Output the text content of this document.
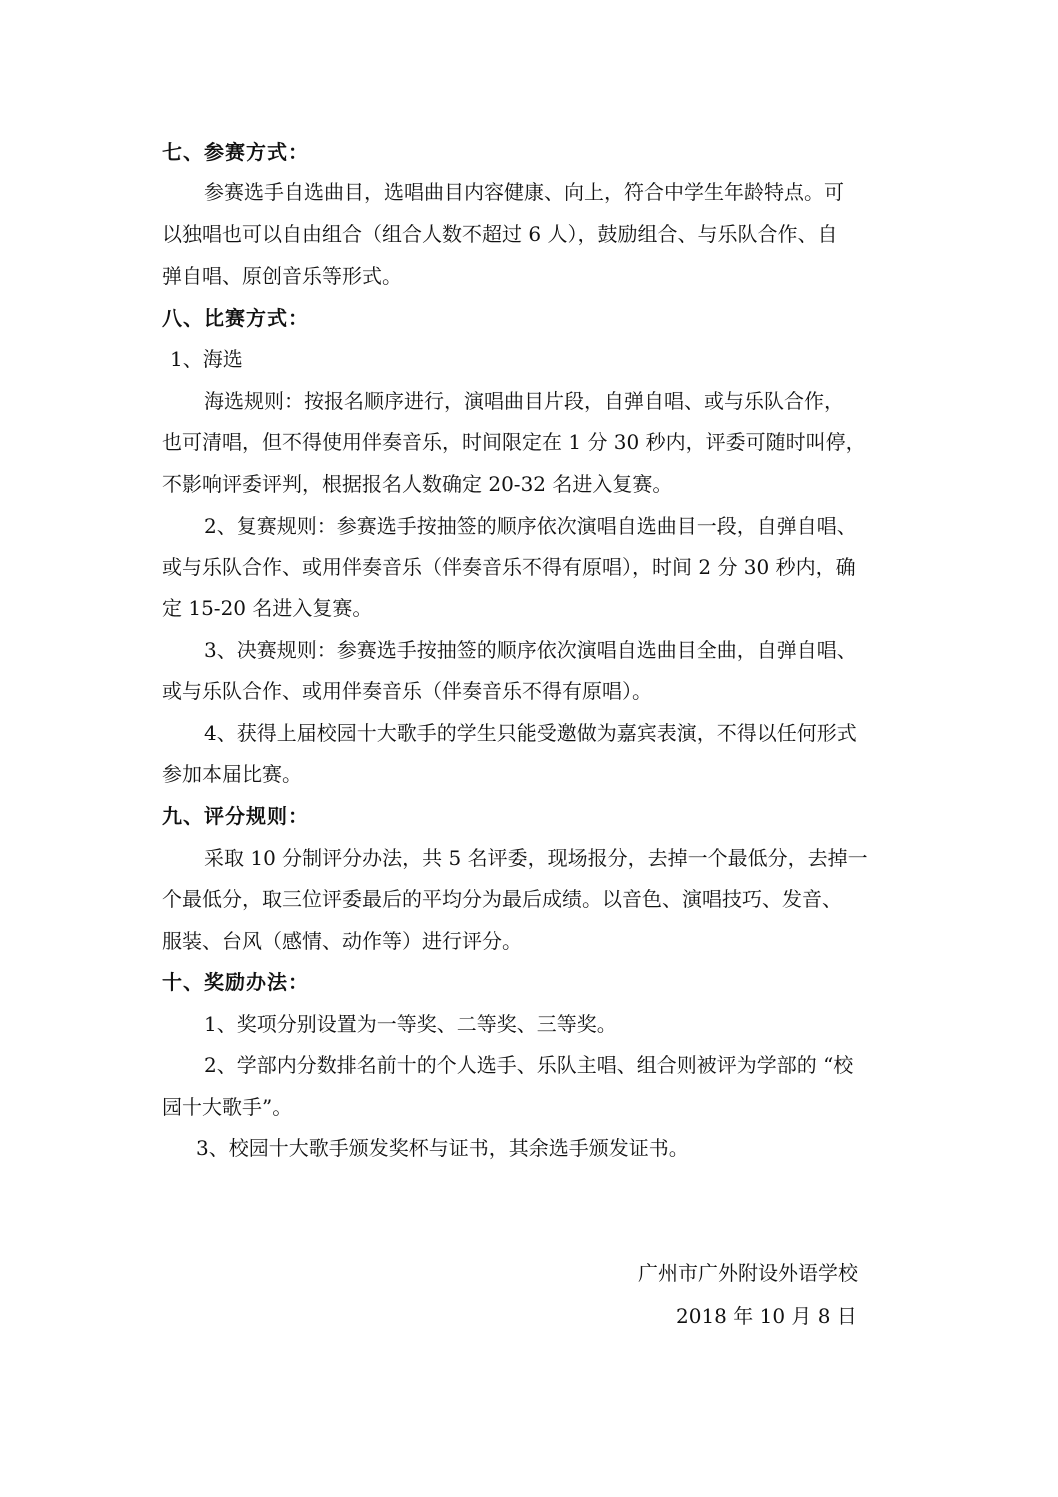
七、参赛方式：
参赛选手自选曲目，选唱曲目内容健康、向上，符合中学生年龄特点。可
以独唱也可以自由组合（组合人数不超过 6 人），鼓励组合、与乐队合作、自
弹自唱、原创音乐等形式。
八、比赛方式：
1、海选
海选规则：按报名顺序进行，演唱曲目片段，自弹自唱、或与乐队合作，
也可清唱，但不得使用伴奏音乐，时间限定在 1 分 30 秒内，评委可随时叫停，
不影响评委评判，根据报名人数确定 20-32 名进入复赛。
2、复赛规则：参赛选手按抽签的顺序依次演唱自选曲目一段，自弹自唱、
或与乐队合作、或用伴奏音乐（伴奏音乐不得有原唱），时间 2 分 30 秒内，确
定 15-20 名进入复赛。
3、决赛规则：参赛选手按抽签的顺序依次演唱自选曲目全曲，自弹自唱、
或与乐队合作、或用伴奏音乐（伴奏音乐不得有原唱）。
4、获得上届校园十大歌手的学生只能受邀做为嘉宾表演，不得以任何形式
参加本届比赛。
九、评分规则：
采取 10 分制评分办法，共 5 名评委，现场报分，去掉一个最低分，去掉一
个最低分，取三位评委最后的平均分为最后成绩。以音色、演唱技巧、发音、
服装、台风（感情、动作等）进行评分。
十、奖励办法：
1、奖项分别设置为一等奖、二等奖、三等奖。
2、学部内分数排名前十的个人选手、乐队主唱、组合则被评为学部的 “校
园十大歌手”。
3、校园十大歌手颁发奖杯与证书，其余选手颁发证书。
广州市广外附设外语学校
2018 年 10 月 8 日
